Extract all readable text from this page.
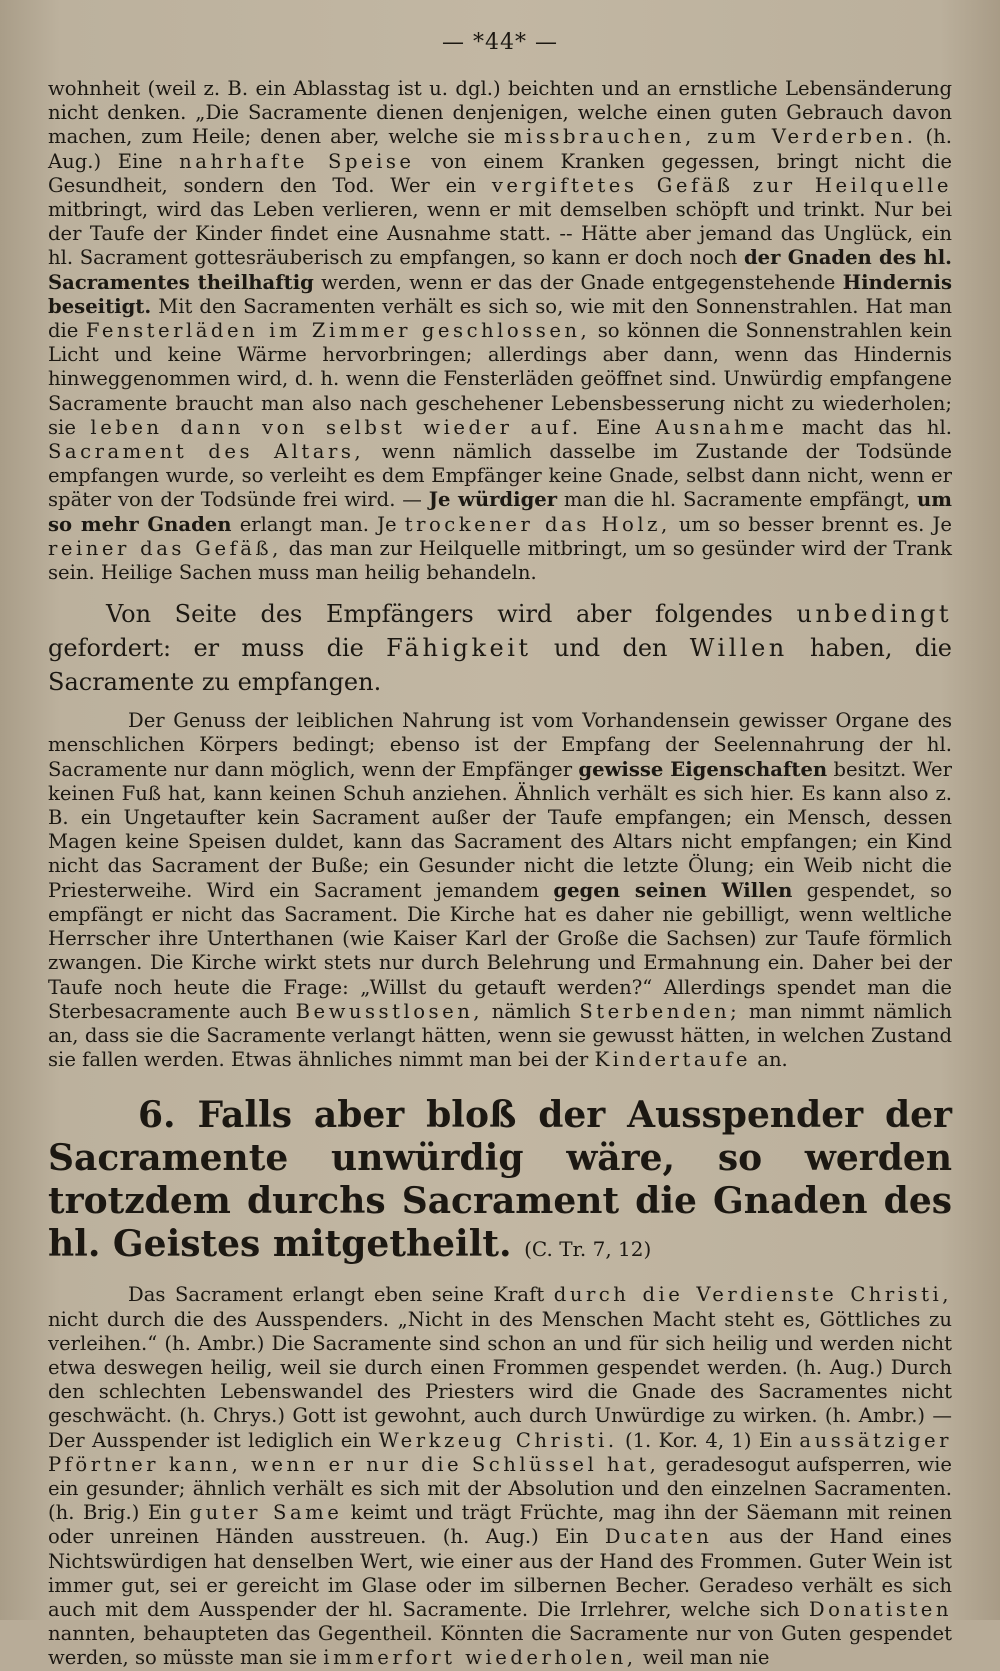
— *44* —

wohnheit (weil z. B. ein Ablasstag ist u. dgl.) beichten und an ernstliche Lebensänderung nicht denken. „Die Sacramente dienen denjenigen, welche einen guten Gebrauch davon machen, zum Heile; denen aber, welche sie missbrauchen, zum Verderben. (h. Aug.) Eine nahrhafte Speise von einem Kranken gegessen, bringt nicht die Gesundheit, sondern den Tod. Wer ein vergiftetes Gefäß zur Heilquelle mitbringt, wird das Leben verlieren, wenn er mit demselben schöpft und trinkt. Nur bei der Taufe der Kinder findet eine Ausnahme statt. -- Hätte aber jemand das Unglück, ein hl. Sacrament gottesräuberisch zu empfangen, so kann er doch noch der Gnaden des hl. Sacramentes theilhaftig werden, wenn er das der Gnade entgegenstehende Hindernis beseitigt. Mit den Sacramenten verhält es sich so, wie mit den Sonnenstrahlen. Hat man die Fensterläden im Zimmer geschlossen, so können die Sonnenstrahlen kein Licht und keine Wärme hervorbringen; allerdings aber dann, wenn das Hindernis hinweggenommen wird, d. h. wenn die Fensterläden geöffnet sind. Unwürdig empfangene Sacramente braucht man also nach geschehener Lebensbesserung nicht zu wiederholen; sie leben dann von selbst wieder auf. Eine Ausnahme macht das hl. Sacrament des Altars, wenn nämlich dasselbe im Zustande der Todsünde empfangen wurde, so verleiht es dem Empfänger keine Gnade, selbst dann nicht, wenn er später von der Todsünde frei wird. — Je würdiger man die hl. Sacramente empfängt, um so mehr Gnaden erlangt man. Je trockener das Holz, um so besser brennt es. Je reiner das Gefäß, das man zur Heilquelle mitbringt, um so gesünder wird der Trank sein. Heilige Sachen muss man heilig behandeln.

Von Seite des Empfängers wird aber folgendes unbedingt gefordert: er muss die Fähigkeit und den Willen haben, die Sacramente zu empfangen.

Der Genuss der leiblichen Nahrung ist vom Vorhandensein gewisser Organe des menschlichen Körpers bedingt; ebenso ist der Empfang der Seelennahrung der hl. Sacramente nur dann möglich, wenn der Empfänger gewisse Eigenschaften besitzt. Wer keinen Fuß hat, kann keinen Schuh anziehen. Ähnlich verhält es sich hier. Es kann also z. B. ein Ungetaufter kein Sacrament außer der Taufe empfangen; ein Mensch, dessen Magen keine Speisen duldet, kann das Sacrament des Altars nicht empfangen; ein Kind nicht das Sacrament der Buße; ein Gesunder nicht die letzte Ölung; ein Weib nicht die Priesterweihe. Wird ein Sacrament jemandem gegen seinen Willen gespendet, so empfängt er nicht das Sacrament. Die Kirche hat es daher nie gebilligt, wenn weltliche Herrscher ihre Unterthanen (wie Kaiser Karl der Große die Sachsen) zur Taufe förmlich zwangen. Die Kirche wirkt stets nur durch Belehrung und Ermahnung ein. Daher bei der Taufe noch heute die Frage: „Willst du getauft werden?“ Allerdings spendet man die Sterbesacramente auch Bewusstlosen, nämlich Sterbenden; man nimmt nämlich an, dass sie die Sacramente verlangt hätten, wenn sie gewusst hätten, in welchen Zustand sie fallen werden. Etwas ähnliches nimmt man bei der Kindertaufe an.

6. Falls aber bloß der Ausspender der Sacramente unwürdig wäre, so werden trotzdem durchs Sacrament die Gnaden des hl. Geistes mitgetheilt. (C. Tr. 7, 12)

Das Sacrament erlangt eben seine Kraft durch die Verdienste Christi, nicht durch die des Ausspenders. „Nicht in des Menschen Macht steht es, Göttliches zu verleihen.“ (h. Ambr.) Die Sacramente sind schon an und für sich heilig und werden nicht etwa deswegen heilig, weil sie durch einen Frommen gespendet werden. (h. Aug.) Durch den schlechten Lebenswandel des Priesters wird die Gnade des Sacramentes nicht geschwächt. (h. Chrys.) Gott ist gewohnt, auch durch Unwürdige zu wirken. (h. Ambr.) — Der Ausspender ist lediglich ein Werkzeug Christi. (1. Kor. 4, 1) Ein aussätziger Pförtner kann, wenn er nur die Schlüssel hat, geradesogut aufsperren, wie ein gesunder; ähnlich verhält es sich mit der Absolution und den einzelnen Sacramenten. (h. Brig.) Ein guter Same keimt und trägt Früchte, mag ihn der Säemann mit reinen oder unreinen Händen ausstreuen. (h. Aug.) Ein Ducaten aus der Hand eines Nichtswürdigen hat denselben Wert, wie einer aus der Hand des Frommen. Guter Wein ist immer gut, sei er gereicht im Glase oder im silbernen Becher. Geradeso verhält es sich auch mit dem Ausspender der hl. Sacramente. Die Irrlehrer, welche sich Donatisten nannten, behaupteten das Gegentheil. Könnten die Sacramente nur von Guten gespendet werden, so müsste man sie immerfort wiederholen, weil man nie
